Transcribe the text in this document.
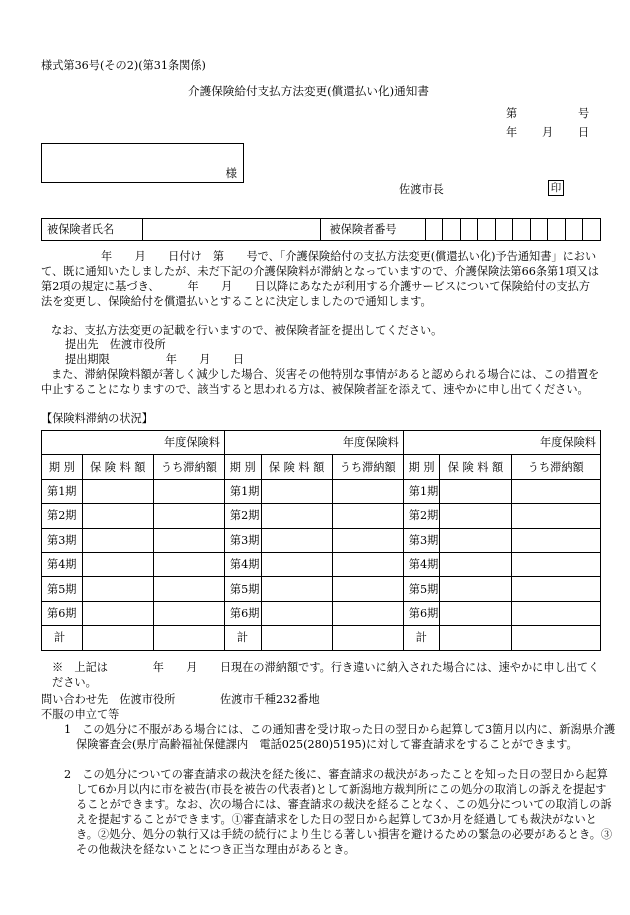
様式第36号(その2)(第31条関係)
介護保険給付支払方法変更(償還払い化)通知書
第	号
年 月 日
様
佐渡市長	印
被保険者氏名		被保険者番号										
年　　月　　日付け　第　　号で、「介護保険給付の支払方法変更(償還払い化)予告通知書」において、既に通知いたしましたが、未だ下記の介護保険料が滞納となっていますので、介護保険法第66条第1項又は第2項の規定に基づき、　　　年　　月　　日以降にあなたが利用する介護サービスについて保険給付の支払方法を変更し、保険給付を償還払いとすることに決定しましたので通知します。
なお、支払方法変更の記載を行いますので、被保険者証を提出してください。
提出先　佐渡市役所
提出期限　　　　　年　　月　　日
また、滞納保険料額が著しく減少した場合、災害その他特別な事情があると認められる場合には、この措置を中止することになりますので、該当すると思われる方は、被保険者証を添えて、速やかに申し出てください。
【保険料滞納の状況】
年度保険料			年度保険料			年度保険料		
期 別	保 険 料 額	うち滞納額	期 別	保 険 料 額	うち滞納額	期 別	保 険 料 額	うち滞納額
第1期			第1期			第1期		
第2期			第2期			第2期		
第3期			第3期			第3期		
第4期			第4期			第4期		
第5期			第5期			第5期		
第6期			第6期			第6期		
計			計			計		
※　上記は　　　　年　　月　　日現在の滞納額です。行き違いに納入された場合には、速やかに申し出てください。
問い合わせ先　佐渡市役所　　　　佐渡市千種232番地
不服の申立て等
1　この処分に不服がある場合には、この通知書を受け取った日の翌日から起算して3箇月以内に、新潟県介護保険審査会(県庁高齢福祉保健課内　電話025(280)5195)に対して審査請求をすることができます。
2　この処分についての審査請求の裁決を経た後に、審査請求の裁決があったことを知った日の翌日から起算して6か月以内に市を被告(市長を被告の代表者)として新潟地方裁判所にこの処分の取消しの訴えを提起することができます。なお、次の場合には、審査請求の裁決を経ることなく、この処分についての取消しの訴えを提起することができます。①審査請求をした日の翌日から起算して3か月を経過しても裁決がないとき。②処分、処分の執行又は手続の続行により生じる著しい損害を避けるための緊急の必要があるとき。③その他裁決を経ないことにつき正当な理由があるとき。
